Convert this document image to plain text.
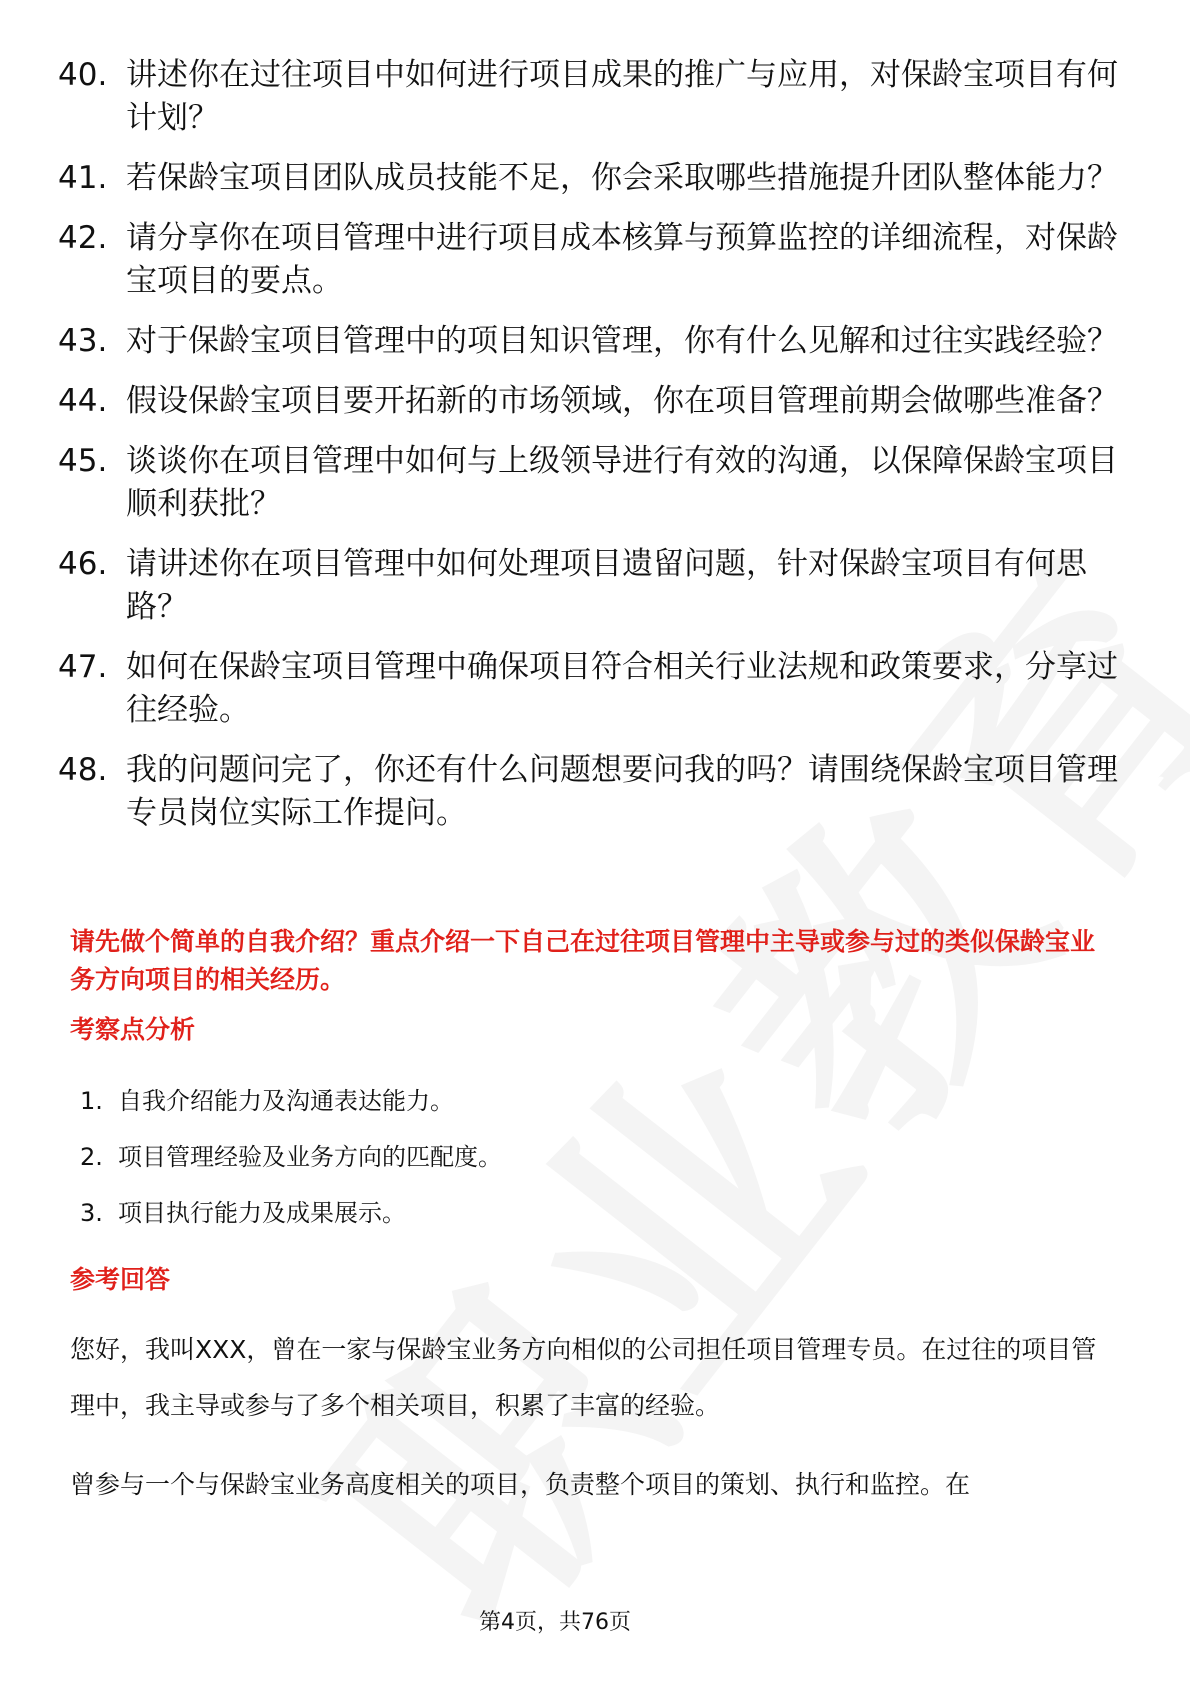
40. 讲述你在过往项目中如何进行项目成果的推广与应用，对保龄宝项目有何计划？
41. 若保龄宝项目团队成员技能不足，你会采取哪些措施提升团队整体能力？
42. 请分享你在项目管理中进行项目成本核算与预算监控的详细流程，对保龄宝项目的要点。
43. 对于保龄宝项目管理中的项目知识管理，你有什么见解和过往实践经验？
44. 假设保龄宝项目要开拓新的市场领域，你在项目管理前期会做哪些准备？
45. 谈谈你在项目管理中如何与上级领导进行有效的沟通，以保障保龄宝项目顺利获批？
46. 请讲述你在项目管理中如何处理项目遗留问题，针对保龄宝项目有何思路？
47. 如何在保龄宝项目管理中确保项目符合相关行业法规和政策要求，分享过往经验。
48. 我的问题问完了，你还有什么问题想要问我的吗？请围绕保龄宝项目管理专员岗位实际工作提问。
请先做个简单的自我介绍？重点介绍一下自己在过往项目管理中主导或参与过的类似保龄宝业务方向项目的相关经历。
考察点分析
1. 自我介绍能力及沟通表达能力。
2. 项目管理经验及业务方向的匹配度。
3. 项目执行能力及成果展示。
参考回答
您好，我叫XXX，曾在一家与保龄宝业务方向相似的公司担任项目管理专员。在过往的项目管理中，我主导或参与了多个相关项目，积累了丰富的经验。
曾参与一个与保龄宝业务高度相关的项目，负责整个项目的策划、执行和监控。在
第4页，共76页
